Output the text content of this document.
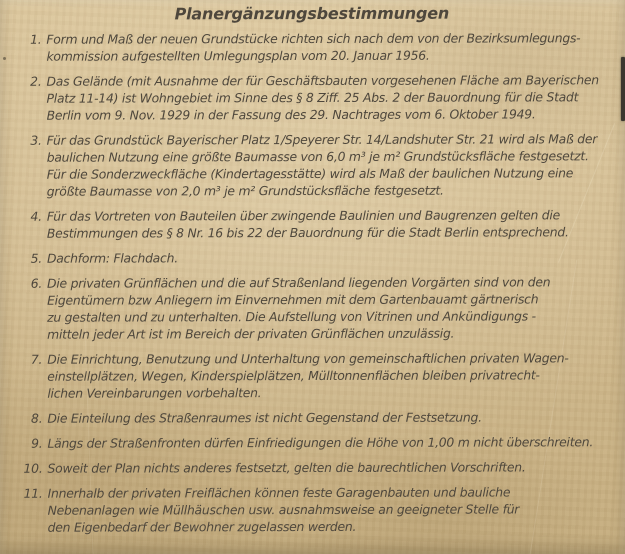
Planergänzungsbestimmungen
1. Form und Maß der neuen Grundstücke richten sich nach dem von der Bezirksumlegungs-
kommission aufgestellten Umlegungsplan vom 20. Januar 1956.
2. Das Gelände (mit Ausnahme der für Geschäftsbauten vorgesehenen Fläche am Bayerischen
Platz 11-14) ist Wohngebiet im Sinne des § 8 Ziff. 25 Abs. 2 der Bauordnung für die Stadt
Berlin vom 9. Nov. 1929 in der Fassung des 29. Nachtrages vom 6. Oktober 1949.
3. Für das Grundstück Bayerischer Platz 1/Speyerer Str. 14/Landshuter Str. 21 wird als Maß der
baulichen Nutzung eine größte Baumasse von 6,0 m³ je m² Grundstücksfläche festgesetzt.
Für die Sonderzweckfläche (Kindertagesstätte) wird als Maß der baulichen Nutzung eine
größte Baumasse von 2,0 m³ je m² Grundstücksfläche festgesetzt.
4. Für das Vortreten von Bauteilen über zwingende Baulinien und Baugrenzen gelten die
Bestimmungen des § 8 Nr. 16 bis 22 der Bauordnung für die Stadt Berlin entsprechend.
5. Dachform: Flachdach.
6. Die privaten Grünflächen und die auf Straßenland liegenden Vorgärten sind von den
Eigentümern bzw Anliegern im Einvernehmen mit dem Gartenbauamt gärtnerisch
zu gestalten und zu unterhalten. Die Aufstellung von Vitrinen und Ankündigungs -
mitteln jeder Art ist im Bereich der privaten Grünflächen unzulässig.
7. Die Einrichtung, Benutzung und Unterhaltung von gemeinschaftlichen privaten Wagen-
einstellplätzen, Wegen, Kinderspielplätzen, Mülltonnenflächen bleiben privatrecht-
lichen Vereinbarungen vorbehalten.
8. Die Einteilung des Straßenraumes ist nicht Gegenstand der Festsetzung.
9. Längs der Straßenfronten dürfen Einfriedigungen die Höhe von 1,00 m nicht überschreiten.
10. Soweit der Plan nichts anderes festsetzt, gelten die baurechtlichen Vorschriften.
11. Innerhalb der privaten Freiflächen können feste Garagenbauten und bauliche
Nebenanlagen wie Müllhäuschen usw. ausnahmsweise an geeigneter Stelle für
den Eigenbedarf der Bewohner zugelassen werden.
